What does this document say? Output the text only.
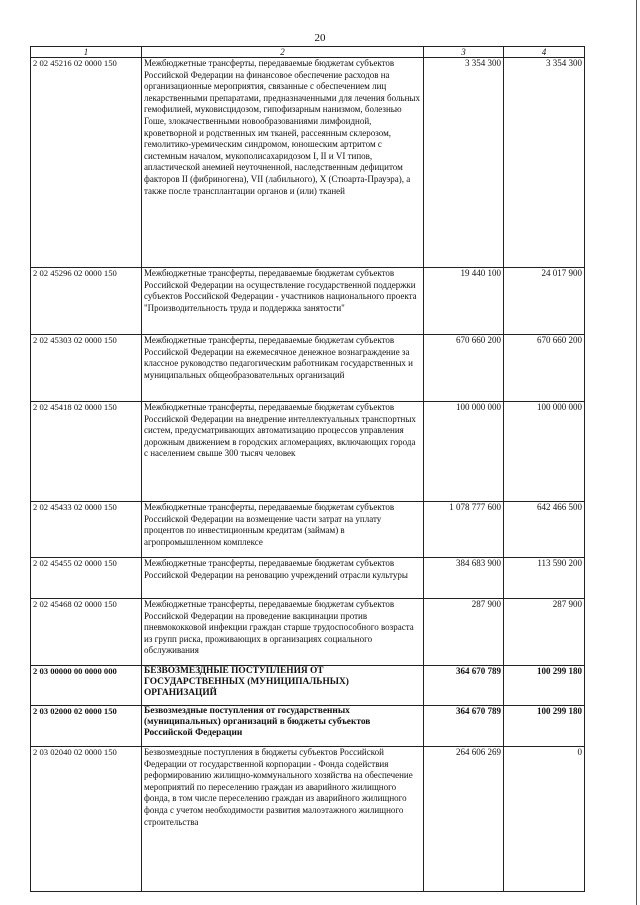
20
1	2	3	4
2 02 45216 02 0000 150	Межбюджетные трансферты, передаваемые бюджетам субъектов Российской Федерации на финансовое обеспечение расходов на организационные мероприятия, связанные с обеспечением лиц лекарственными препаратами, предназначенными для лечения больных гемофилией, муковисцидозом, гипофизарным нанизмом, болезнью Гоше, злокачественными новообразованиями лимфоидной, кроветворной и родственных им тканей, рассеянным склерозом, гемолитико-уремическим синдромом, юношеским артритом с системным началом, мукополисахаридозом I, II и VI типов, апластической анемией неуточненной, наследственным дефицитом факторов II (фибриногена), VII (лабильного), X (Стюарта-Прауэра), а также после трансплантации органов и (или) тканей	3 354 300	3 354 300
2 02 45296 02 0000 150	Межбюджетные трансферты, передаваемые бюджетам субъектов Российской Федерации на осуществление государственной поддержки субъектов Российской Федерации - участников национального проекта "Производительность труда и поддержка занятости"	19 440 100	24 017 900
2 02 45303 02 0000 150	Межбюджетные трансферты, передаваемые бюджетам субъектов Российской Федерации на ежемесячное денежное вознаграждение за классное руководство педагогическим работникам государственных и муниципальных общеобразовательных организаций	670 660 200	670 660 200
2 02 45418 02 0000 150	Межбюджетные трансферты, передаваемые бюджетам субъектов Российской Федерации на внедрение интеллектуальных транспортных систем, предусматривающих автоматизацию процессов управления дорожным движением в городских агломерациях, включающих города с населением свыше 300 тысяч человек	100 000 000	100 000 000
2 02 45433 02 0000 150	Межбюджетные трансферты, передаваемые бюджетам субъектов Российской Федерации на возмещение части затрат на уплату процентов по инвестиционным кредитам (займам) в агропромышленном комплексе	1 078 777 600	642 466 500
2 02 45455 02 0000 150	Межбюджетные трансферты, передаваемые бюджетам субъектов Российской Федерации на реновацию учреждений отрасли культуры	384 683 900	113 590 200
2 02 45468 02 0000 150	Межбюджетные трансферты, передаваемые бюджетам субъектов Российской Федерации на проведение вакцинации против пневмококковой инфекции граждан старше трудоспособного возраста из групп риска, проживающих в организациях социального обслуживания	287 900	287 900
2 03 00000 00 0000 000	БЕЗВОЗМЕЗДНЫЕ ПОСТУПЛЕНИЯ ОТ ГОСУДАРСТВЕННЫХ (МУНИЦИПАЛЬНЫХ) ОРГАНИЗАЦИЙ	364 670 789	100 299 180
2 03 02000 02 0000 150	Безвозмездные поступления от государственных (муниципальных) организаций в бюджеты субъектов Российской Федерации	364 670 789	100 299 180
2 03 02040 02 0000 150	Безвозмездные поступления в бюджеты субъектов Российской Федерации от государственной корпорации - Фонда содействия реформированию жилищно-коммунального хозяйства на обеспечение мероприятий по переселению граждан из аварийного жилищного фонда, в том числе переселению граждан из аварийного жилищного фонда с учетом необходимости развития малоэтажного жилищного строительства	264 606 269	0
